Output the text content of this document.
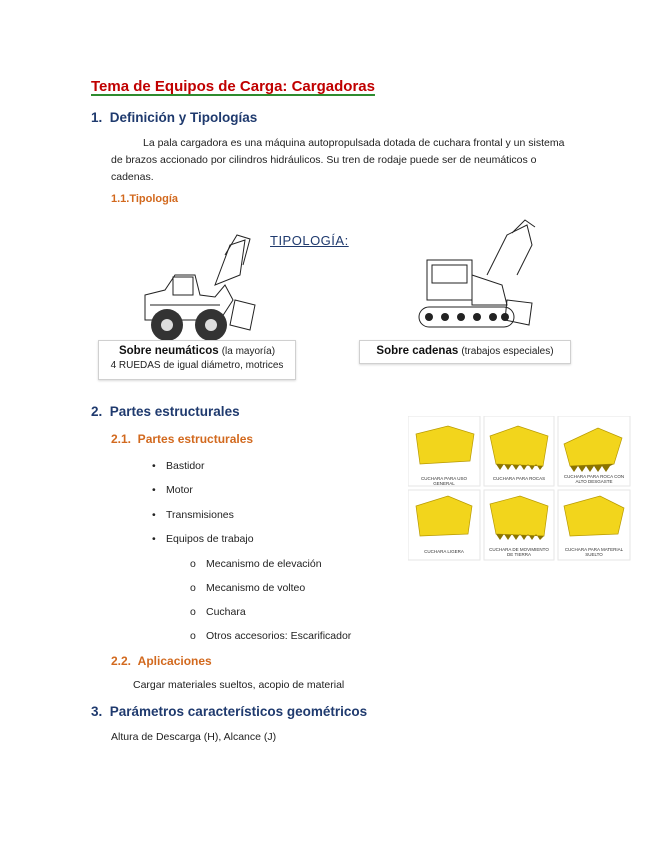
Tema de Equipos de Carga: Cargadoras
1.  Definición y Tipologías
La pala cargadora es una máquina autopropulsada dotada de cuchara frontal y un sistema
de brazos accionado por cilindros hidráulicos. Su tren de rodaje puede ser de neumáticos o
cadenas.
1.1.Tipología
TIPOLOGÍA:
Sobre neumáticos (la mayoría)
4 RUEDAS de igual diámetro, motrices
Sobre cadenas (trabajos especiales)
2.  Partes estructurales
2.1.  Partes estructurales
• Bastidor
• Motor
• Transmisiones
• Equipos de trabajo
o Mecanismo de elevación
o Mecanismo de volteo
o Cuchara
o Otros accesorios: Escarificador
CUCHARA PARA USO GENERAL
CUCHARA PARA ROCAS	CUCHARA PARA ROCA CON ALTO DESGASTE
CUCHARA LIGERA	CUCHARA DE MOVIMIENTO DE TIERRA
CUCHARA PARA MATERIAL SUELTO
2.2.  Aplicaciones
Cargar materiales sueltos, acopio de material
3.  Parámetros característicos geométricos
Altura de Descarga (H), Alcance (J)
